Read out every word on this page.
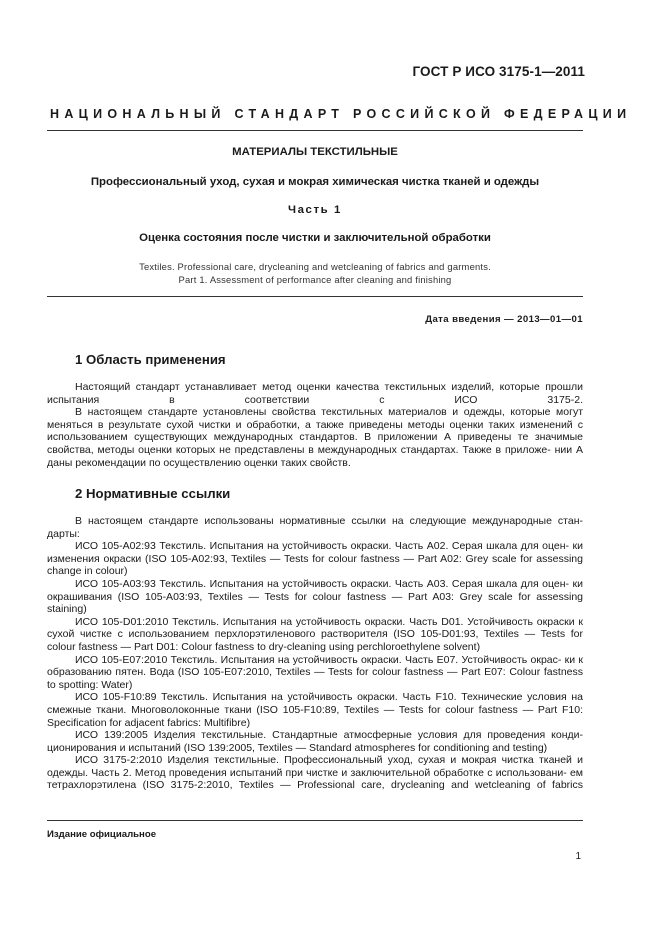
ГОСТ Р ИСО 3175-1—2011
НАЦИОНАЛЬНЫЙ СТАНДАРТ РОССИЙСКОЙ ФЕДЕРАЦИИ
МАТЕРИАЛЫ ТЕКСТИЛЬНЫЕ
Профессиональный уход, сухая и мокрая химическая чистка тканей и одежды
Часть 1
Оценка состояния после чистки и заключительной обработки
Textiles. Professional care, drycleaning and wetcleaning of fabrics and garments.
Part 1. Assessment of performance after cleaning and finishing
Дата введения — 2013—01—01
1 Область применения

Настоящий стандарт устанавливает метод оценки качества текстильных изделий, которые прошли испытания в соответствии с ИСО 3175-2.

В настоящем стандарте установлены свойства текстильных материалов и одежды, которые могут меняться в результате сухой чистки и обработки, а также приведены методы оценки таких изменений с использованием существующих международных стандартов. В приложении А приведены те значимые свойства, методы оценки которых не представлены в международных стандартах. Также в приложе- нии А даны рекомендации по осуществлению оценки таких свойств.

2 Нормативные ссылки

В настоящем стандарте использованы нормативные ссылки на следующие международные стан- дарты:

ИСО 105-А02:93 Текстиль. Испытания на устойчивость окраски. Часть А02. Серая шкала для оцен- ки изменения окраски (ISO 105-A02:93, Textiles — Tests for colour fastness — Part A02: Grey scale for assessing change in colour)

ИСО 105-А03:93 Текстиль. Испытания на устойчивость окраски. Часть А03. Серая шкала для оцен- ки окрашивания (ISO 105-A03:93, Textiles — Tests for colour fastness — Part A03: Grey scale for assessing staining)

ИСО 105-D01:2010 Текстиль. Испытания на устойчивость окраски. Часть D01. Устойчивость окраски к сухой чистке с использованием перхлорэтиленового растворителя (ISO 105-D01:93, Textiles — Tests for colour fastness — Part D01: Colour fastness to dry-cleaning using perchloroethylene solvent)

ИСО 105-Е07:2010 Текстиль. Испытания на устойчивость окраски. Часть Е07. Устойчивость окрас- ки к образованию пятен. Вода (ISO 105-E07:2010, Textiles — Tests for colour fastness — Part E07: Colour fastness to spotting: Water)

ИСО 105-F10:89 Текстиль. Испытания на устойчивость окраски. Часть F10. Технические условия на смежные ткани. Многоволоконные ткани (ISO 105-F10:89, Textiles — Tests for colour fastness — Part F10: Specification for adjacent fabrics: Multifibre)

ИСО 139:2005 Изделия текстильные. Стандартные атмосферные условия для проведения конди- ционирования и испытаний (ISO 139:2005, Textiles — Standard atmospheres for conditioning and testing)

ИСО 3175-2:2010 Изделия текстильные. Профессиональный уход, сухая и мокрая чистка тканей и одежды. Часть 2. Метод проведения испытаний при чистке и заключительной обработке с использовани- ем тетрахлорэтилена (ISO 3175-2:2010, Textiles — Professional care, drycleaning and wetcleaning of fabrics

Издание официальное
1
